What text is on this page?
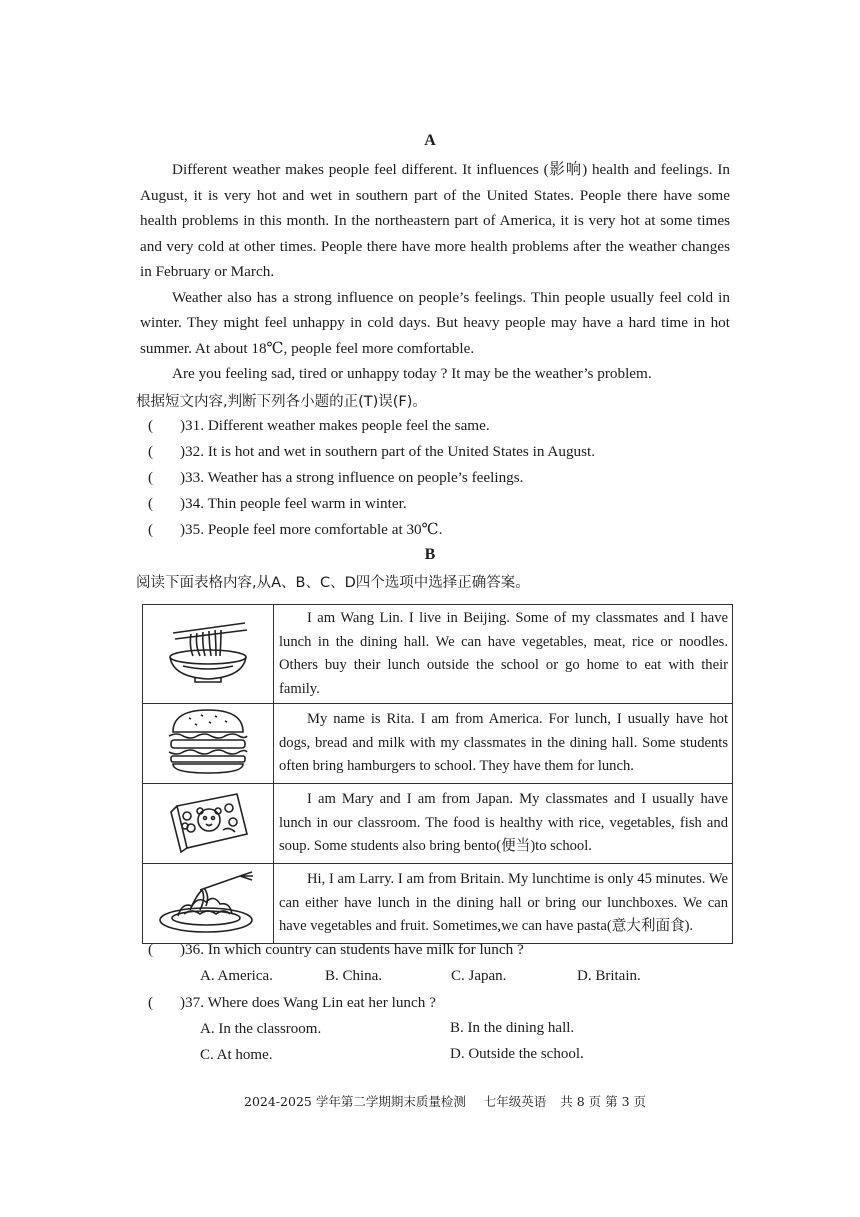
A

Different weather makes people feel different. It influences (影响) health and feelings. In August, it is very hot and wet in southern part of the United States. People there have some health problems in this month. In the northeastern part of America, it is very hot at some times and very cold at other times. People there have more health problems after the weather changes in February or March.

Weather also has a strong influence on people’s feelings. Thin people usually feel cold in winter. They might feel unhappy in cold days. But heavy people may have a hard time in hot summer. At about 18℃, people feel more comfortable.

Are you feeling sad, tired or unhappy today ? It may be the weather’s problem.

根据短文内容,判断下列各小题的正(T)误(F)。
( )31. Different weather makes people feel the same.
( )32. It is hot and wet in southern part of the United States in August.
( )33. Weather has a strong influence on people’s feelings.
( )34. Thin people feel warm in winter.
( )35. People feel more comfortable at 30℃.
B
阅读下面表格内容,从A、B、C、D四个选项中选择正确答案。
	I am Wang Lin. I live in Beijing. Some of my classmates and I have lunch in the dining hall. We can have vegetables, meat, rice or noodles. Others buy their lunch outside the school or go home to eat with their family.
	My name is Rita. I am from America. For lunch, I usually have hot dogs, bread and milk with my classmates in the dining hall. Some students often bring hamburgers to school. They have them for lunch.
	I am Mary and I am from Japan. My classmates and I usually have lunch in our classroom. The food is healthy with rice, vegetables, fish and soup. Some students also bring bento(便当)to school.
	Hi, I am Larry. I am from Britain. My lunchtime is only 45 minutes. We can either have lunch in the dining hall or bring our lunchboxes. We can have vegetables and fruit. Sometimes,we can have pasta(意大利面食).
( )36. In which country can students have milk for lunch ?
A. America.	B. China.	C. Japan.	D. Britain.
( )37. Where does Wang Lin eat her lunch ?
A. In the classroom.	B. In the dining hall.
C. At home.	D. Outside the school.
2024-2025 学年第二学期期末质量检测 七年级英语 共 8 页 第 3 页
